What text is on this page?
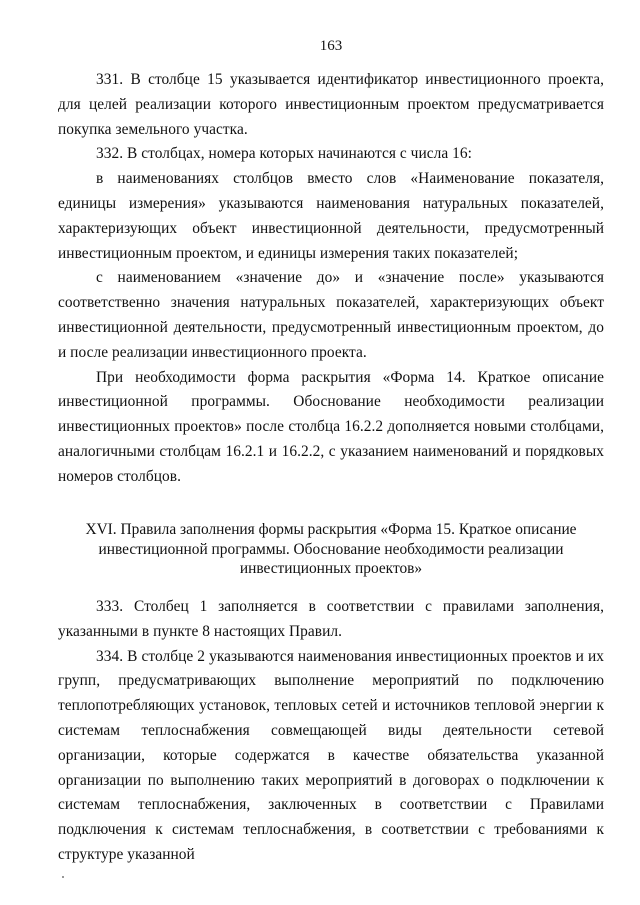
163

331. В столбце 15 указывается идентификатор инвестиционного проекта, для целей реализации которого инвестиционным проектом предусматривается покупка земельного участка.

332. В столбцах, номера которых начинаются с числа 16:

в наименованиях столбцов вместо слов «Наименование показателя, единицы измерения» указываются наименования натуральных показателей, характеризующих объект инвестиционной деятельности, предусмотренный инвестиционным проектом, и единицы измерения таких показателей;

с наименованием «значение до» и «значение после» указываются соответственно значения натуральных показателей, характеризующих объект инвестиционной деятельности, предусмотренный инвестиционным проектом, до и после реализации инвестиционного проекта.

При необходимости форма раскрытия «Форма 14. Краткое описание инвестиционной программы. Обоснование необходимости реализации инвестиционных проектов» после столбца 16.2.2 дополняется новыми столбцами, аналогичными столбцам 16.2.1 и 16.2.2, с указанием наименований и порядковых номеров столбцов.

XVI. Правила заполнения формы раскрытия «Форма 15. Краткое описание
инвестиционной программы. Обоснование необходимости реализации
инвестиционных проектов»

333. Столбец 1 заполняется в соответствии с правилами заполнения, указанными в пункте 8 настоящих Правил.

334. В столбце 2 указываются наименования инвестиционных проектов и их групп, предусматривающих выполнение мероприятий по подключению теплопотребляющих установок, тепловых сетей и источников тепловой энергии к системам теплоснабжения совмещающей виды деятельности сетевой организации, которые содержатся в качестве обязательства указанной организации по выполнению таких мероприятий в договорах о подключении к системам теплоснабжения, заключенных в соответствии с Правилами подключения к системам теплоснабжения, в соответствии с требованиями к структуре указанной
